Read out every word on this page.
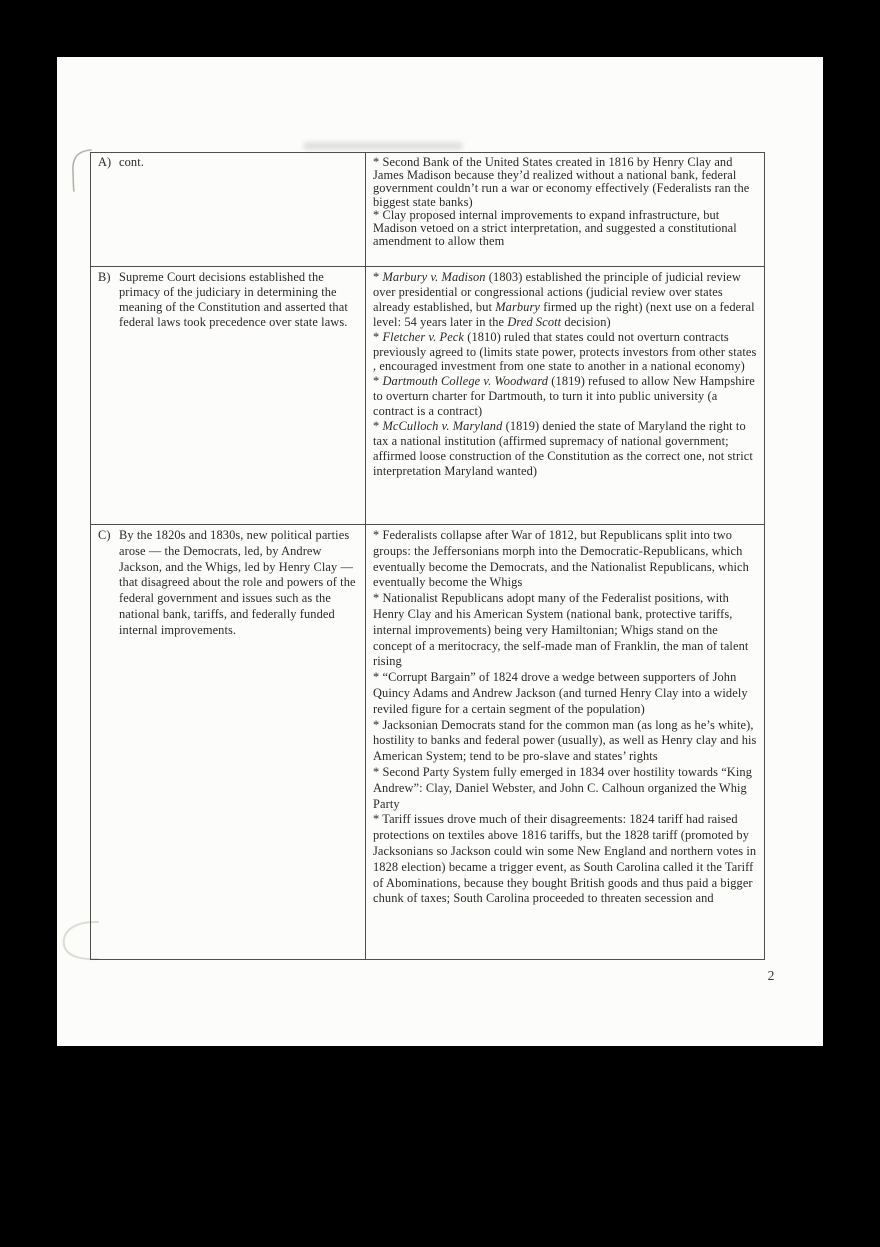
A) cont.	* Second Bank of the United States created in 1816 by Henry Clay and James Madison because they’d realized without a national bank, federal government couldn’t run a war or economy effectively (Federalists ran the biggest state banks)
* Clay proposed internal improvements to expand infrastructure, but Madison vetoed on a strict interpretation, and suggested a constitutional amendment to allow them
B) Supreme Court decisions established the primacy of the judiciary in determining the meaning of the Constitution and asserted that federal laws took precedence over state laws.
* Marbury v. Madison (1803) established the principle of judicial review over presidential or congressional actions (judicial review over states already established, but Marbury firmed up the right) (next use on a federal level: 54 years later in the Dred Scott decision)
* Fletcher v. Peck (1810) ruled that states could not overturn contracts previously agreed to (limits state power, protects investors from other states , encouraged investment from one state to another in a national economy)
* Dartmouth College v. Woodward (1819) refused to allow New Hampshire to overturn charter for Dartmouth, to turn it into public university (a contract is a contract)
* McCulloch v. Maryland (1819) denied the state of Maryland the right to tax a national institution (affirmed supremacy of national government; affirmed loose construction of the Constitution as the correct one, not strict interpretation Maryland wanted)
C) By the 1820s and 1830s, new political parties arose — the Democrats, led, by Andrew Jackson, and the Whigs, led by Henry Clay — that disagreed about the role and powers of the federal government and issues such as the national bank, tariffs, and federally funded internal improvements.
* Federalists collapse after War of 1812, but Republicans split into two groups: the Jeffersonians morph into the Democratic-Republicans, which eventually become the Democrats, and the Nationalist Republicans, which eventually become the Whigs
* Nationalist Republicans adopt many of the Federalist positions, with Henry Clay and his American System (national bank, protective tariffs, internal improvements) being very Hamiltonian; Whigs stand on the concept of a meritocracy, the self-made man of Franklin, the man of talent rising
* “Corrupt Bargain” of 1824 drove a wedge between supporters of John Quincy Adams and Andrew Jackson (and turned Henry Clay into a widely reviled figure for a certain segment of the population)
* Jacksonian Democrats stand for the common man (as long as he’s white), hostility to banks and federal power (usually), as well as Henry clay and his American System; tend to be pro-slave and states’ rights
* Second Party System fully emerged in 1834 over hostility towards “King Andrew”: Clay, Daniel Webster, and John C. Calhoun organized the Whig Party
* Tariff issues drove much of their disagreements: 1824 tariff had raised protections on textiles above 1816 tariffs, but the 1828 tariff (promoted by Jacksonians so Jackson could win some New England and northern votes in 1828 election) became a trigger event, as South Carolina called it the Tariff of Abominations, because they bought British goods and thus paid a bigger chunk of taxes; South Carolina proceeded to threaten secession and
2
